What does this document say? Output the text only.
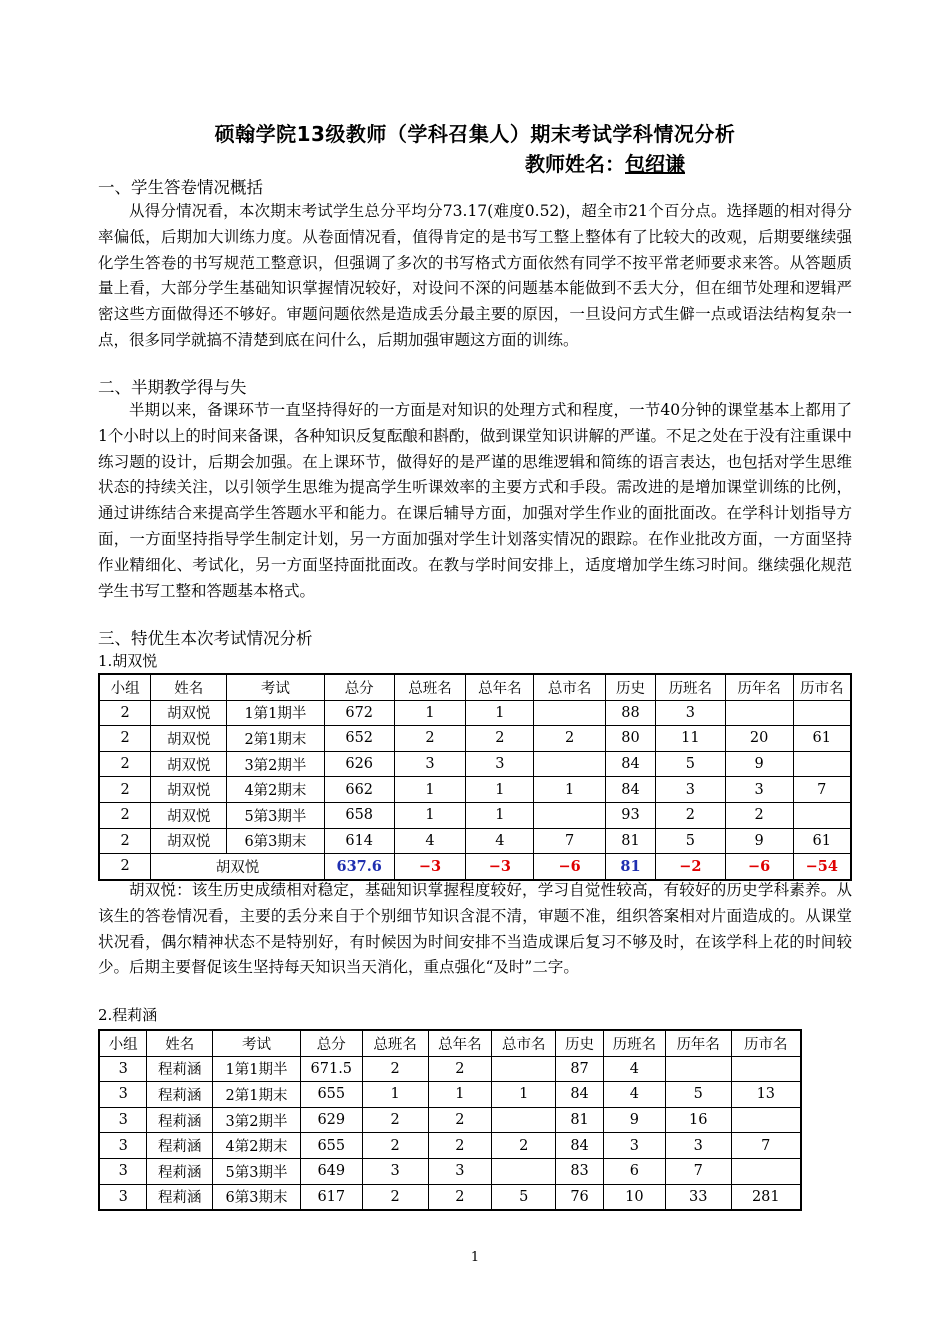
硕翰学院13级教师（学科召集人）期末考试学科情况分析
教师姓名：包绍谦
一、学生答卷情况概括

从得分情况看，本次期末考试学生总分平均分73.17(难度0.52)，超全市21个百分点。选择题的相对得分率偏低，后期加大训练力度。从卷面情况看，值得肯定的是书写工整上整体有了比较大的改观，后期要继续强化学生答卷的书写规范工整意识，但强调了多次的书写格式方面依然有同学不按平常老师要求来答。从答题质量上看，大部分学生基础知识掌握情况较好，对设问不深的问题基本能做到不丢大分，但在细节处理和逻辑严密这些方面做得还不够好。审题问题依然是造成丢分最主要的原因，一旦设问方式生僻一点或语法结构复杂一点，很多同学就搞不清楚到底在问什么，后期加强审题这方面的训练。

二、半期教学得与失

半期以来，备课环节一直坚持得好的一方面是对知识的处理方式和程度，一节40分钟的课堂基本上都用了1个小时以上的时间来备课，各种知识反复酝酿和斟酌，做到课堂知识讲解的严谨。不足之处在于没有注重课中练习题的设计，后期会加强。在上课环节，做得好的是严谨的思维逻辑和简练的语言表达，也包括对学生思维状态的持续关注，以引领学生思维为提高学生听课效率的主要方式和手段。需改进的是增加课堂训练的比例，通过讲练结合来提高学生答题水平和能力。在课后辅导方面，加强对学生作业的面批面改。在学科计划指导方面，一方面坚持指导学生制定计划，另一方面加强对学生计划落实情况的跟踪。在作业批改方面，一方面坚持作业精细化、考试化，另一方面坚持面批面改。在教与学时间安排上，适度增加学生练习时间。继续强化规范学生书写工整和答题基本格式。

三、特优生本次考试情况分析
1.胡双悦
小组	姓名	考试	总分	总班名	总年名	总市名	历史	历班名	历年名	历市名
2	胡双悦	1第1期半	672	1	1		88	3		
2	胡双悦	2第1期末	652	2	2	2	80	11	20	61
2	胡双悦	3第2期半	626	3	3		84	5	9	
2	胡双悦	4第2期末	662	1	1	1	84	3	3	7
2	胡双悦	5第3期半	658	1	1		93	2	2	
2	胡双悦	6第3期末	614	4	4	7	81	5	9	61
2	胡双悦		637.6	−3	−3	−6	81	−2	−6	−54

胡双悦：该生历史成绩相对稳定，基础知识掌握程度较好，学习自觉性较高，有较好的历史学科素养。从该生的答卷情况看，主要的丢分来自于个别细节知识含混不清，审题不准，组织答案相对片面造成的。从课堂状况看，偶尔精神状态不是特别好，有时候因为时间安排不当造成课后复习不够及时，在该学科上花的时间较少。后期主要督促该生坚持每天知识当天消化，重点强化“及时”二字。

2.程莉涵
小组	姓名	考试	总分	总班名	总年名	总市名	历史	历班名	历年名	历市名
3	程莉涵	1第1期半	671.5	2	2		87	4		
3	程莉涵	2第1期末	655	1	1	1	84	4	5	13
3	程莉涵	3第2期半	629	2	2		81	9	16	
3	程莉涵	4第2期末	655	2	2	2	84	3	3	7
3	程莉涵	5第3期半	649	3	3		83	6	7	
3	程莉涵	6第3期末	617	2	2	5	76	10	33	281
1
